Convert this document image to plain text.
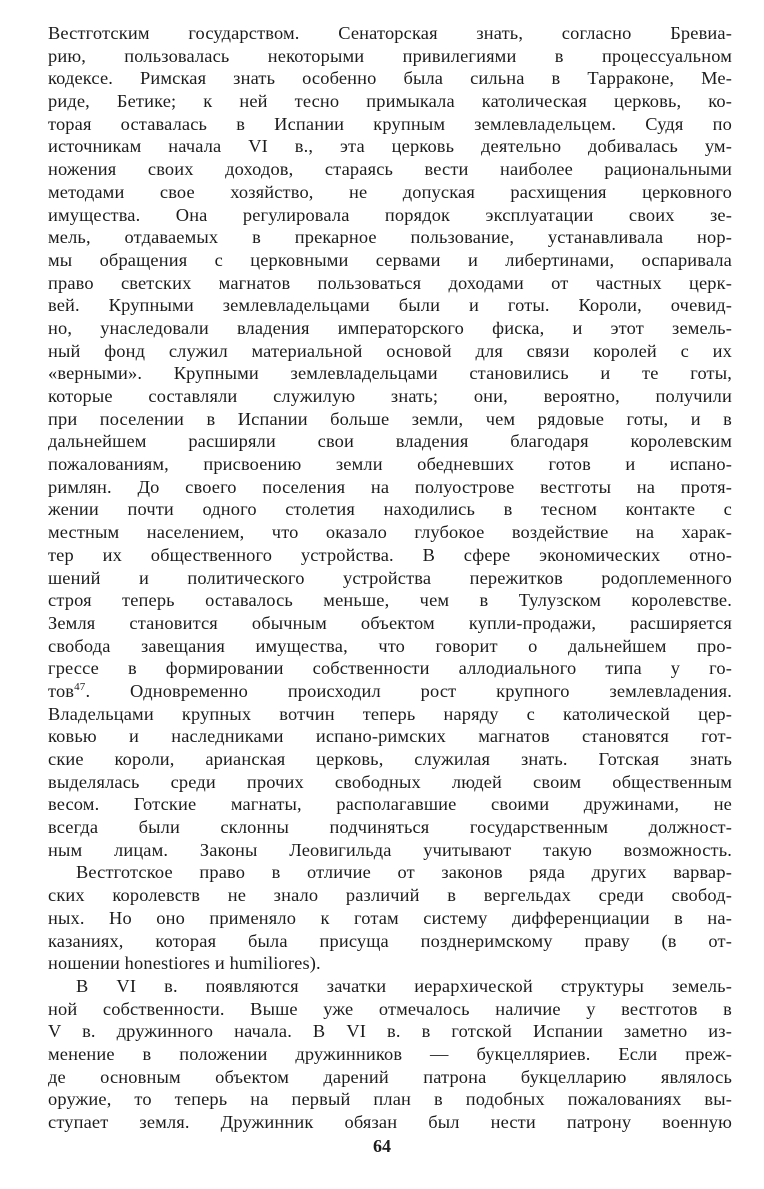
Вестготским государством. Сенаторская знать, согласно Бревиа-
рию, пользовалась некоторыми привилегиями в процессуальном
кодексе. Римская знать особенно была сильна в Тарраконе, Ме-
риде, Бетике; к ней тесно примыкала католическая церковь, ко-
торая оставалась в Испании крупным землевладельцем. Судя по
источникам начала VI в., эта церковь деятельно добивалась ум-
ножения своих доходов, стараясь вести наиболее рациональными
методами свое хозяйство, не допуская расхищения церковного
имущества. Она регулировала порядок эксплуатации своих зе-
мель, отдаваемых в прекарное пользование, устанавливала нор-
мы обращения с церковными сервами и либертинами, оспаривала
право светских магнатов пользоваться доходами от частных церк-
вей. Крупными землевладельцами были и готы. Короли, очевид-
но, унаследовали владения императорского фиска, и этот земель-
ный фонд служил материальной основой для связи королей с их
«верными». Крупными землевладельцами становились и те готы,
которые составляли служилую знать; они, вероятно, получили
при поселении в Испании больше земли, чем рядовые готы, и в
дальнейшем расширяли свои владения благодаря королевским
пожалованиям, присвоению земли обедневших готов и испано-
римлян. До своего поселения на полуострове вестготы на протя-
жении почти одного столетия находились в тесном контакте с
местным населением, что оказало глубокое воздействие на харак-
тер их общественного устройства. В сфере экономических отно-
шений и политического устройства пережитков родоплеменного
строя теперь оставалось меньше, чем в Тулузском королевстве.
Земля становится обычным объектом купли-продажи, расширяется
свобода завещания имущества, что говорит о дальнейшем про-
грессе в формировании собственности аллодиального типа у го-
тов$^{47}$. Одновременно происходил рост крупного землевладения.
Владельцами крупных вотчин теперь наряду с католической цер-
ковью и наследниками испано-римских магнатов становятся гот-
ские короли, арианская церковь, служилая знать. Готская знать
выделялась среди прочих свободных людей своим общественным
весом. Готские магнаты, располагавшие своими дружинами, не
всегда были склонны подчиняться государственным должност-
ным лицам. Законы Леовигильда учитывают такую возможность.
Вестготское право в отличие от законов ряда других варвар-
ских королевств не знало различий в вергельдах среди свобод-
ных. Но оно применяло к готам систему дифференциации в на-
казаниях, которая была присуща позднеримскому праву (в от-
ношении honestiores и humiliores).
В VI в. появляются зачатки иерархической структуры земель-
ной собственности. Выше уже отмечалось наличие у вестготов в
V в. дружинного начала. В VI в. в готской Испании заметно из-
менение в положении дружинников — букцелляриев. Если преж-
де основным объектом дарений патрона букцелларию являлось
оружие, то теперь на первый план в подобных пожалованиях вы-
ступает земля. Дружинник обязан был нести патрону военную
64
